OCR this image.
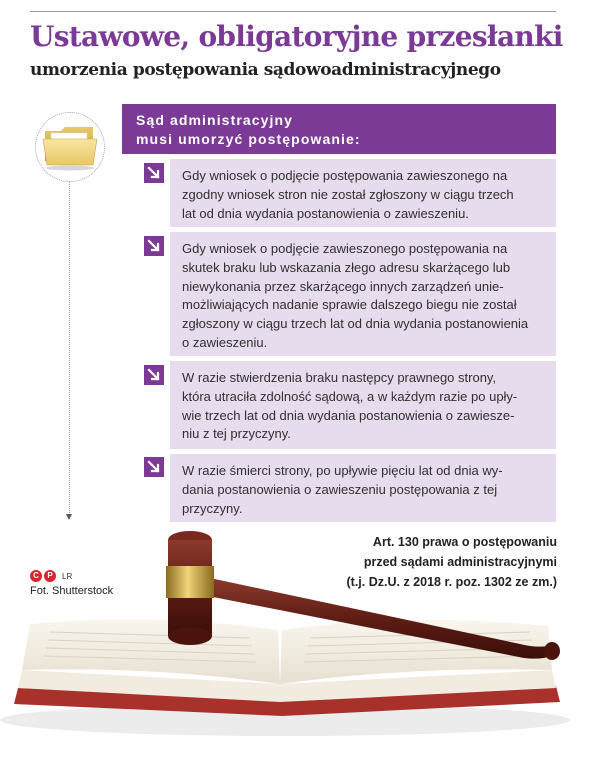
Ustawowe, obligatoryjne przesłanki
umorzenia postępowania sądowoadministracyjnego
Sąd administracyjny
musi umorzyć postępowanie:
Gdy wniosek o podjęcie postępowania zawieszonego na
zgodny wniosek stron nie został zgłoszony w ciągu trzech
lat od dnia wydania postanowienia o zawieszeniu.
Gdy wniosek o podjęcie zawieszonego postępowania na
skutek braku lub wskazania złego adresu skarżącego lub
niewykonania przez skarżącego innych zarządzeń unie-
możliwiających nadanie sprawie dalszego biegu nie został
zgłoszony w ciągu trzech lat od dnia wydania postanowienia
o zawieszeniu.
W razie stwierdzenia braku następcy prawnego strony,
która utraciła zdolność sądową, a w każdym razie po upły-
wie trzech lat od dnia wydania postanowienia o zawiesze-
niu z tej przyczyny.
W razie śmierci strony, po upływie pięciu lat od dnia wy-
dania postanowienia o zawieszeniu postępowania z tej
przyczyny.
Art. 130 prawa o postępowaniu
przed sądami administracyjnymi
(t.j. Dz.U. z 2018 r. poz. 1302 ze zm.)
C	P	LR
Fot. Shutterstock
